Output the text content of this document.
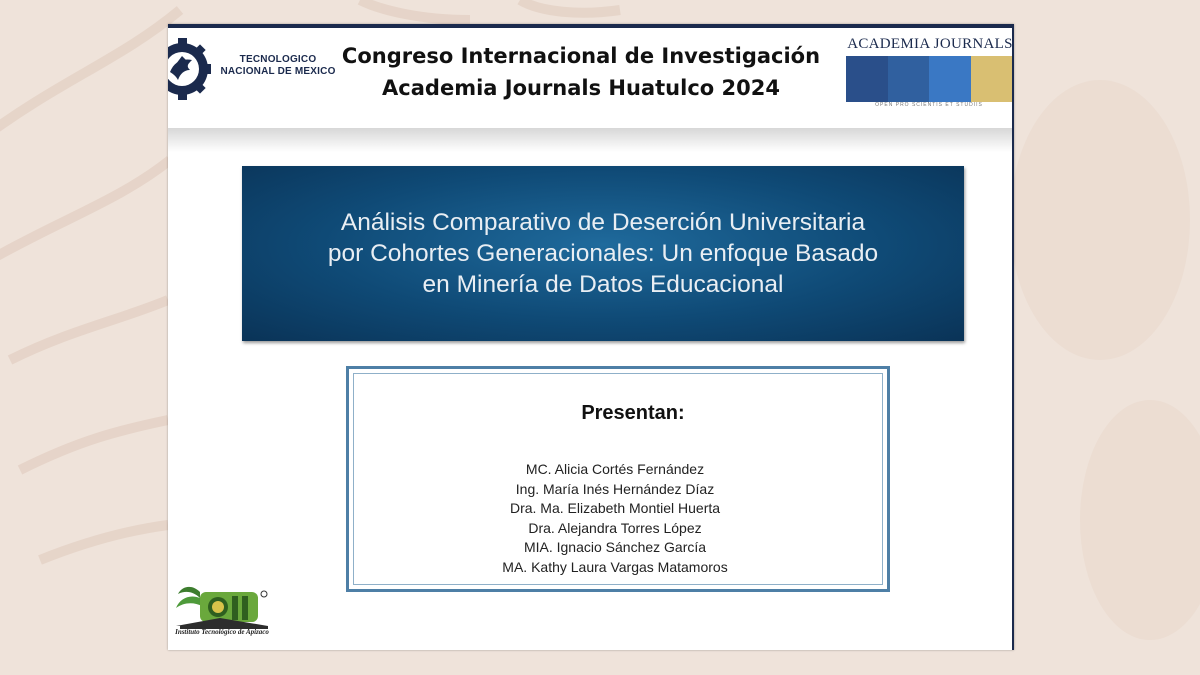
TECNOLOGICO
NACIONAL DE MEXICO
Congreso Internacional de Investigación
Academia Journals Huatulco 2024
ACADEMIA JOURNALS
OPEN PRO SCIENTIS ET STUDIIS
Análisis Comparativo de Deserción Universitaria
por Cohortes Generacionales: Un enfoque Basado
en Minería de Datos Educacional
Presentan:
MC. Alicia Cortés Fernández
Ing. María Inés Hernández Díaz
Dra. Ma. Elizabeth Montiel Huerta
Dra. Alejandra Torres López
MIA. Ignacio Sánchez García
MA. Kathy Laura Vargas Matamoros
Instituto Tecnológico de Apizaco
